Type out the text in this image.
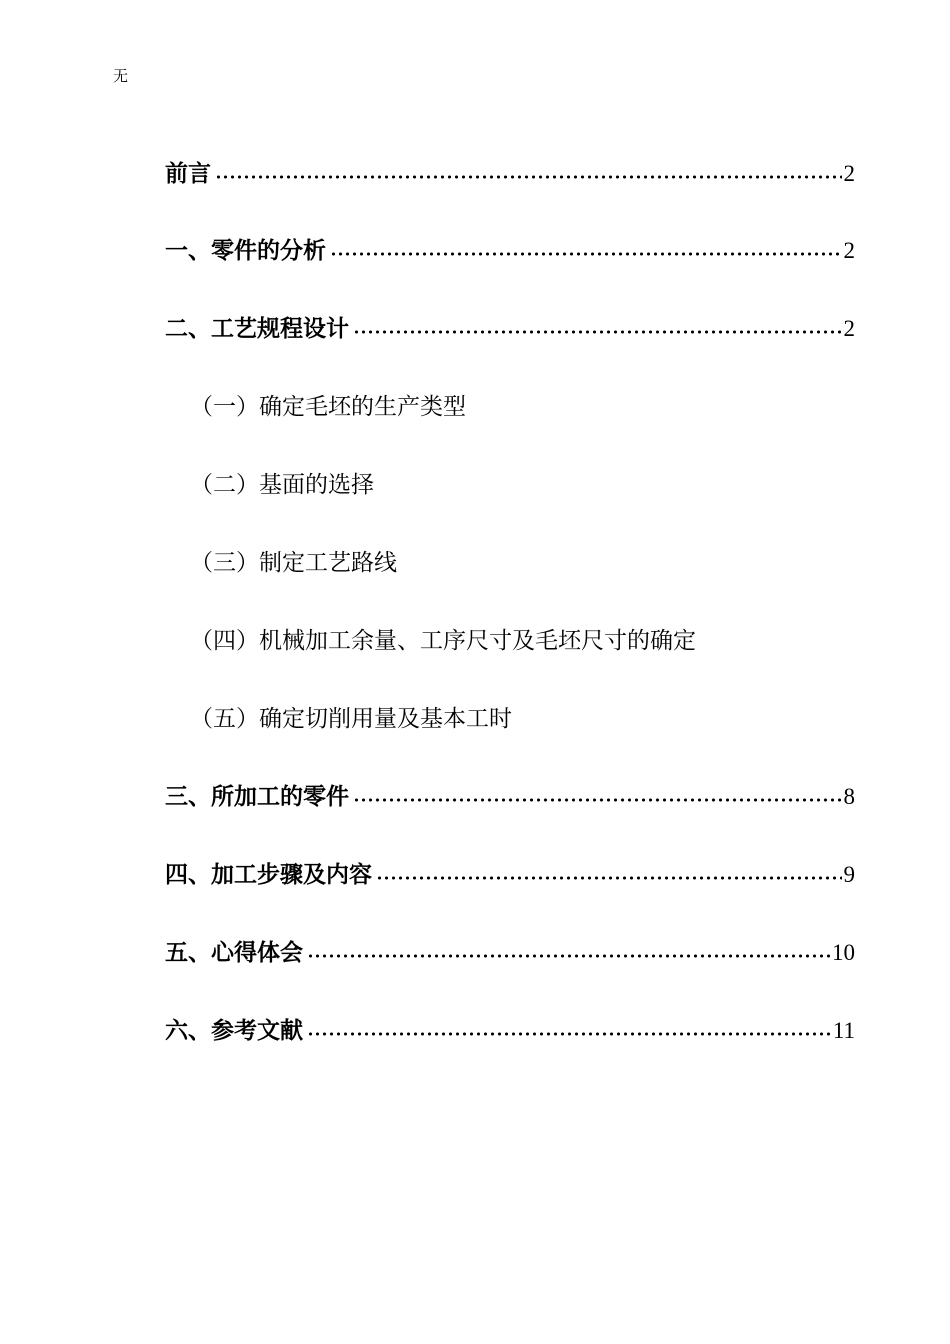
无
前言	2
一、零件的分析	2
二、工艺规程设计	2
（一）确定毛坯的生产类型
（二）基面的选择
（三）制定工艺路线
（四）机械加工余量、工序尺寸及毛坯尺寸的确定
（五）确定切削用量及基本工时
三、所加工的零件	8
四、加工步骤及内容	9
五、心得体会	10
六、参考文献	11
